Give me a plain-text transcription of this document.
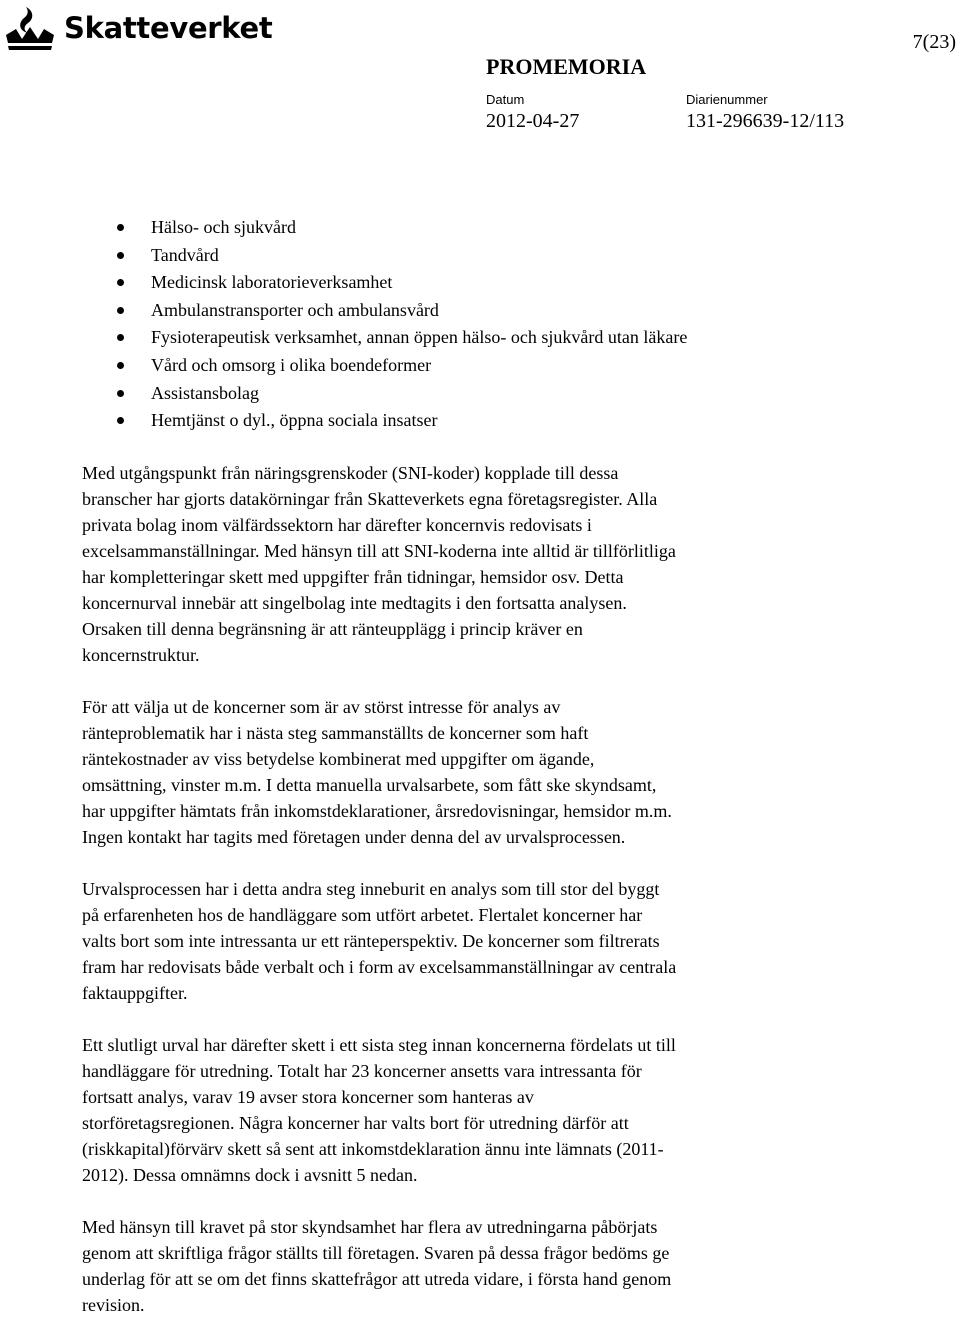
Skatteverket	7(23)
PROMEMORIA
Datum
2012-04-27
Diarienummer
131-296639-12/113
Hälso- och sjukvård
Tandvård
Medicinsk laboratorieverksamhet
Ambulanstransporter och ambulansvård
Fysioterapeutisk verksamhet, annan öppen hälso- och sjukvård utan läkare
Vård och omsorg i olika boendeformer
Assistansbolag
Hemtjänst o dyl., öppna sociala insatser

Med utgångspunkt från näringsgrenskoder (SNI-koder) kopplade till dessa
branscher har gjorts datakörningar från Skatteverkets egna företagsregister. Alla
privata bolag inom välfärdssektorn har därefter koncernvis redovisats i
excelsammanställningar. Med hänsyn till att SNI-koderna inte alltid är tillförlitliga
har kompletteringar skett med uppgifter från tidningar, hemsidor osv. Detta
koncernurval innebär att singelbolag inte medtagits i den fortsatta analysen.
Orsaken till denna begränsning är att ränteupplägg i princip kräver en
koncernstruktur.

För att välja ut de koncerner som är av störst intresse för analys av
ränteproblematik har i nästa steg sammanställts de koncerner som haft
räntekostnader av viss betydelse kombinerat med uppgifter om ägande,
omsättning, vinster m.m. I detta manuella urvalsarbete, som fått ske skyndsamt,
har uppgifter hämtats från inkomstdeklarationer, årsredovisningar, hemsidor m.m.
Ingen kontakt har tagits med företagen under denna del av urvalsprocessen.

Urvalsprocessen har i detta andra steg inneburit en analys som till stor del byggt
på erfarenheten hos de handläggare som utfört arbetet. Flertalet koncerner har
valts bort som inte intressanta ur ett ränteperspektiv. De koncerner som filtrerats
fram har redovisats både verbalt och i form av excelsammanställningar av centrala
faktauppgifter.

Ett slutligt urval har därefter skett i ett sista steg innan koncernerna fördelats ut till
handläggare för utredning. Totalt har 23 koncerner ansetts vara intressanta för
fortsatt analys, varav 19 avser stora koncerner som hanteras av
storföretagsregionen. Några koncerner har valts bort för utredning därför att
(riskkapital)förvärv skett så sent att inkomstdeklaration ännu inte lämnats (2011-
2012). Dessa omnämns dock i avsnitt 5 nedan.

Med hänsyn till kravet på stor skyndsamhet har flera av utredningarna påbörjats
genom att skriftliga frågor ställts till företagen. Svaren på dessa frågor bedöms ge
underlag för att se om det finns skattefrågor att utreda vidare, i första hand genom
revision.
